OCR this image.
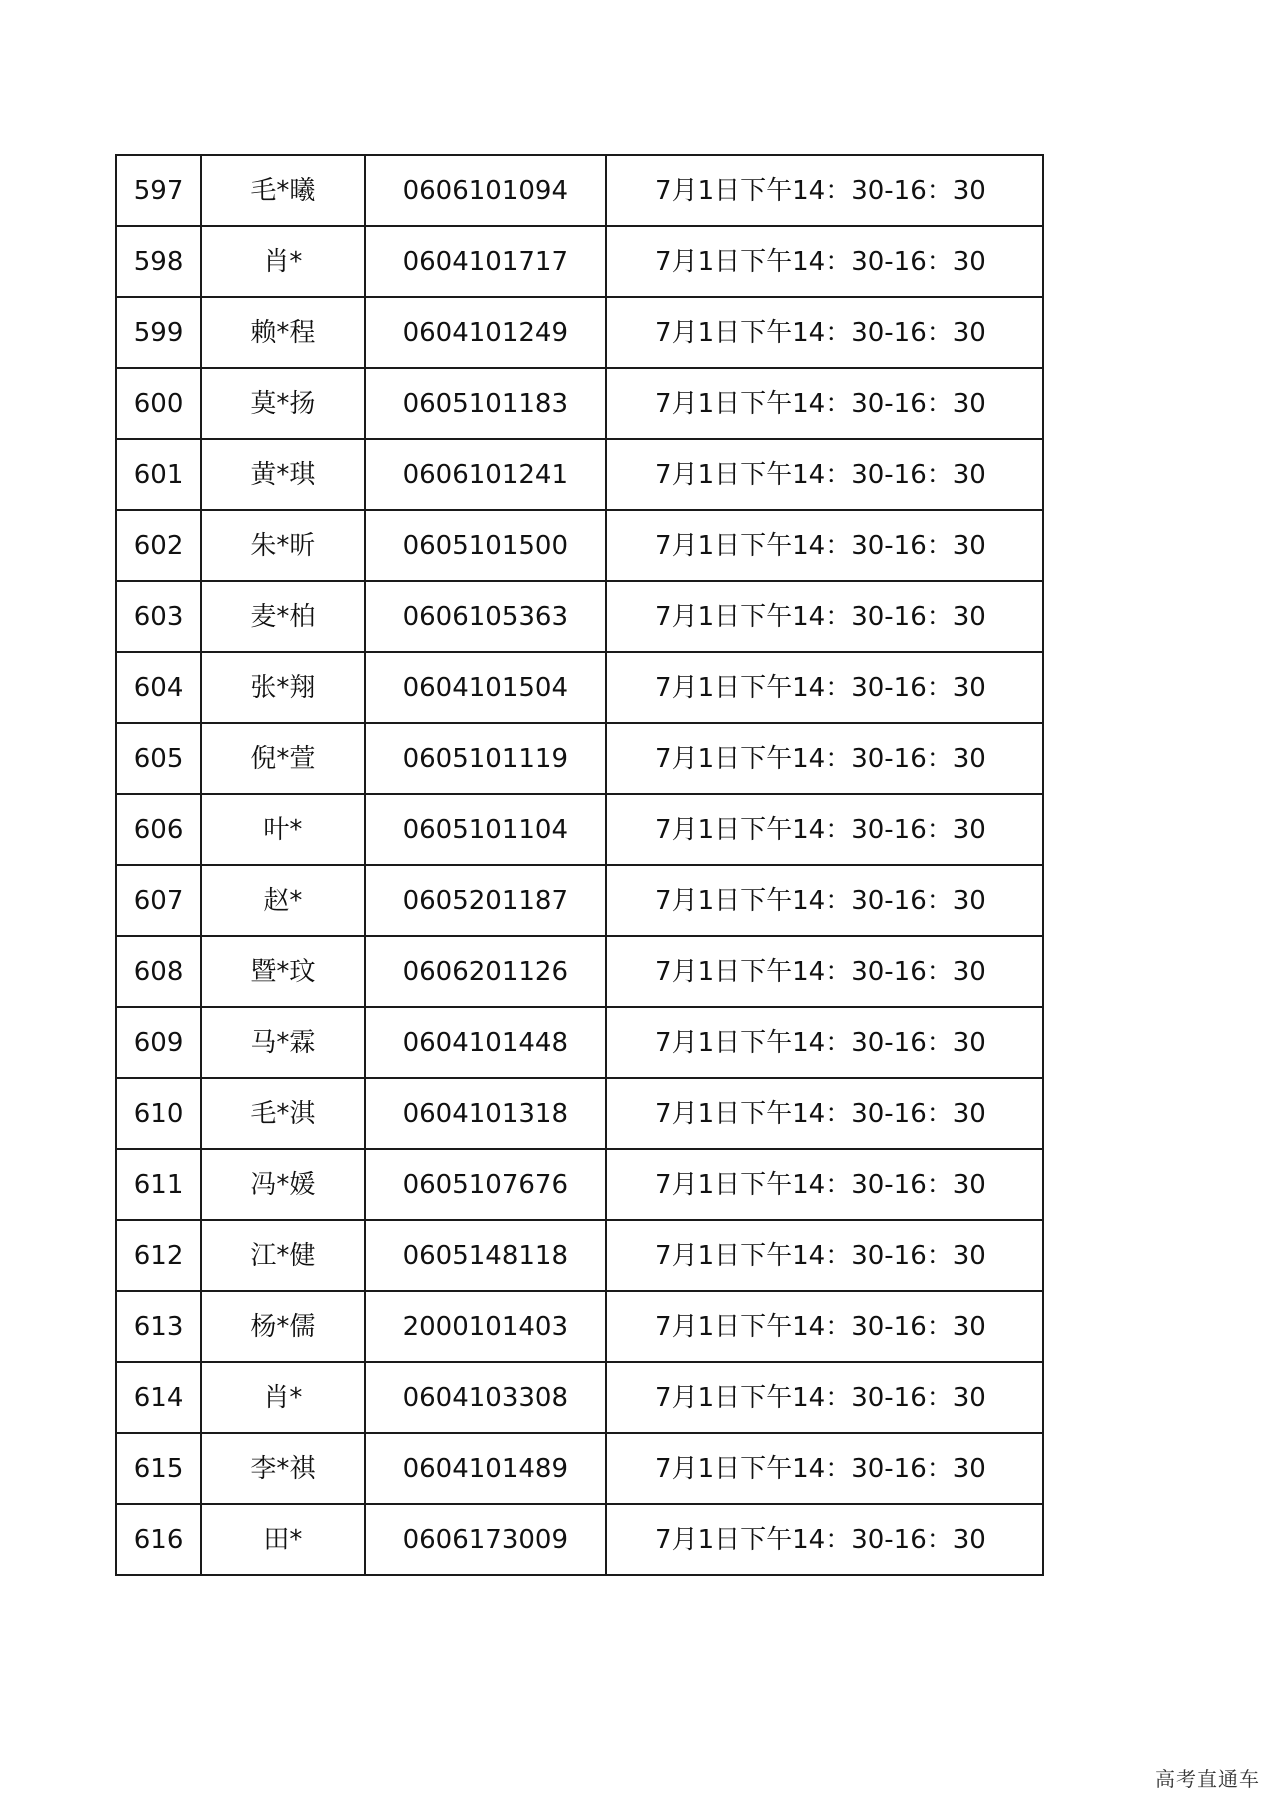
597	毛*曦	0606101094	7月1日下午14：30-16：30
598	肖*	0604101717	7月1日下午14：30-16：30
599	赖*程	0604101249	7月1日下午14：30-16：30
600	莫*扬	0605101183	7月1日下午14：30-16：30
601	黄*琪	0606101241	7月1日下午14：30-16：30
602	朱*昕	0605101500	7月1日下午14：30-16：30
603	麦*柏	0606105363	7月1日下午14：30-16：30
604	张*翔	0604101504	7月1日下午14：30-16：30
605	倪*萱	0605101119	7月1日下午14：30-16：30
606	叶*	0605101104	7月1日下午14：30-16：30
607	赵*	0605201187	7月1日下午14：30-16：30
608	暨*玟	0606201126	7月1日下午14：30-16：30
609	马*霖	0604101448	7月1日下午14：30-16：30
610	毛*淇	0604101318	7月1日下午14：30-16：30
611	冯*媛	0605107676	7月1日下午14：30-16：30
612	江*健	0605148118	7月1日下午14：30-16：30
613	杨*儒	2000101403	7月1日下午14：30-16：30
614	肖*	0604103308	7月1日下午14：30-16：30
615	李*祺	0604101489	7月1日下午14：30-16：30
616	田*	0606173009	7月1日下午14：30-16：30
高考直通车
